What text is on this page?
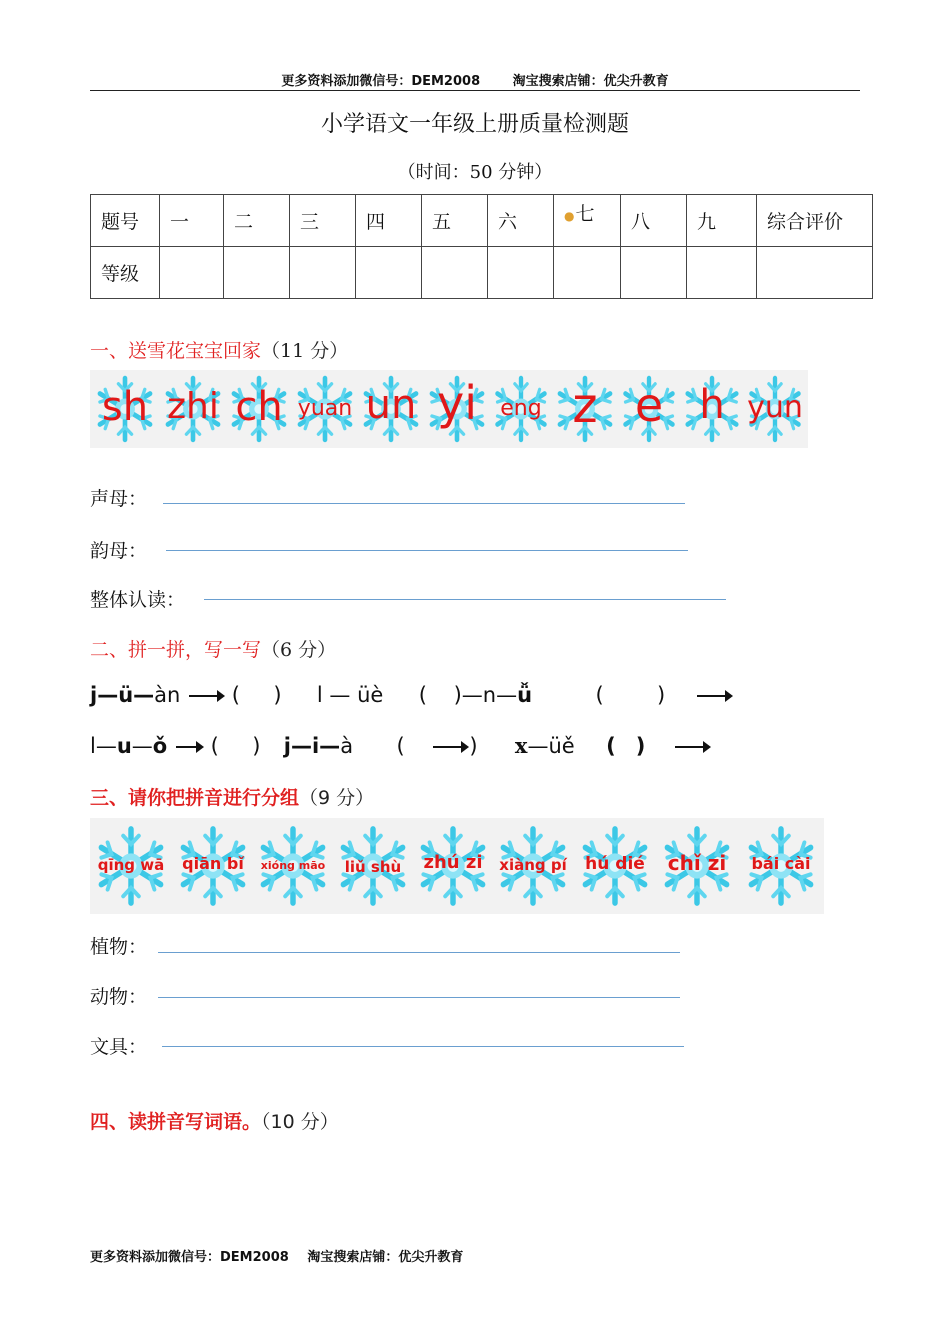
更多资料添加微信号：DEM2008	淘宝搜索店铺：优尖升教育
小学语文一年级上册质量检测题
（时间：50 分钟）
题号	一	二	三	四	五	六	●七	八	九	综合评价
等级										
一、送雪花宝宝回家（11 分）
sh zhi ch yuan un yi	eng z e h yun
声母：
韵母：
整体认读：
二、拼一拼，写一写（6 分）
j—ü—àn ( ) l — üè ( )—n—ǚ	(	)
l—u—ǒ ( ) j—i—à (	) x—üě ( )
三、请你把拼音进行分组（9 分）
qīng wā	qiān bǐ	xióng māo	liǔ shù	zhú zi	xiàng pí	hú dié	chǐ zi	bái cài
植物：
动物：
文具：
四、读拼音写词语。（10 分）
更多资料添加微信号：DEM2008 淘宝搜索店铺：优尖升教育
